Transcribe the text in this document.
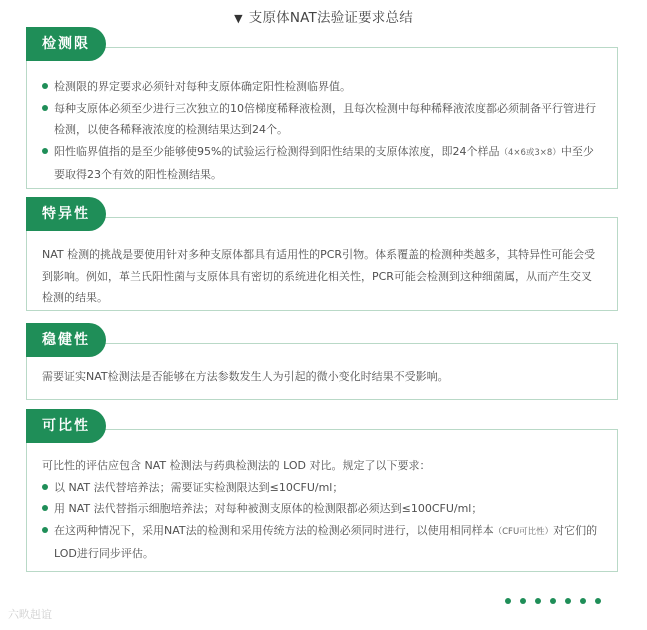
▼ 支原体NAT法验证要求总结
检测限
检测限的界定要求必须针对每种支原体确定阳性检测临界值。
每种支原体必须至少进行三次独立的10倍梯度稀释液检测，且每次检测中每种稀释液浓度都必须制备平行管进行检测，以使各稀释液浓度的检测结果达到24个。
阳性临界值指的是至少能够使95%的试验运行检测得到阳性结果的支原体浓度，即24个样品（4×6或3×8）中至少要取得23个有效的阳性检测结果。
特异性
NAT 检测的挑战是要使用针对多种支原体都具有适用性的PCR引物。体系覆盖的检测种类越多，其特异性可能会受到影响。例如，革兰氏阳性菌与支原体具有密切的系统进化相关性，PCR可能会检测到这种细菌属，从而产生交叉检测的结果。
稳健性
需要证实NAT检测法是否能够在方法参数发生人为引起的微小变化时结果不受影响。
可比性
可比性的评估应包含 NAT 检测法与药典检测法的 LOD 对比。规定了以下要求：
以 NAT 法代替培养法；需要证实检测限达到≤10CFU/ml；
用 NAT 法代替指示细胞培养法；对每种被测支原体的检测限都必须达到≤100CFU/ml；
在这两种情况下，采用NAT法的检测和采用传统方法的检测必须同时进行，以使用相同样本（CFU可比性）对它们的LOD进行同步评估。
六畂赳谊
